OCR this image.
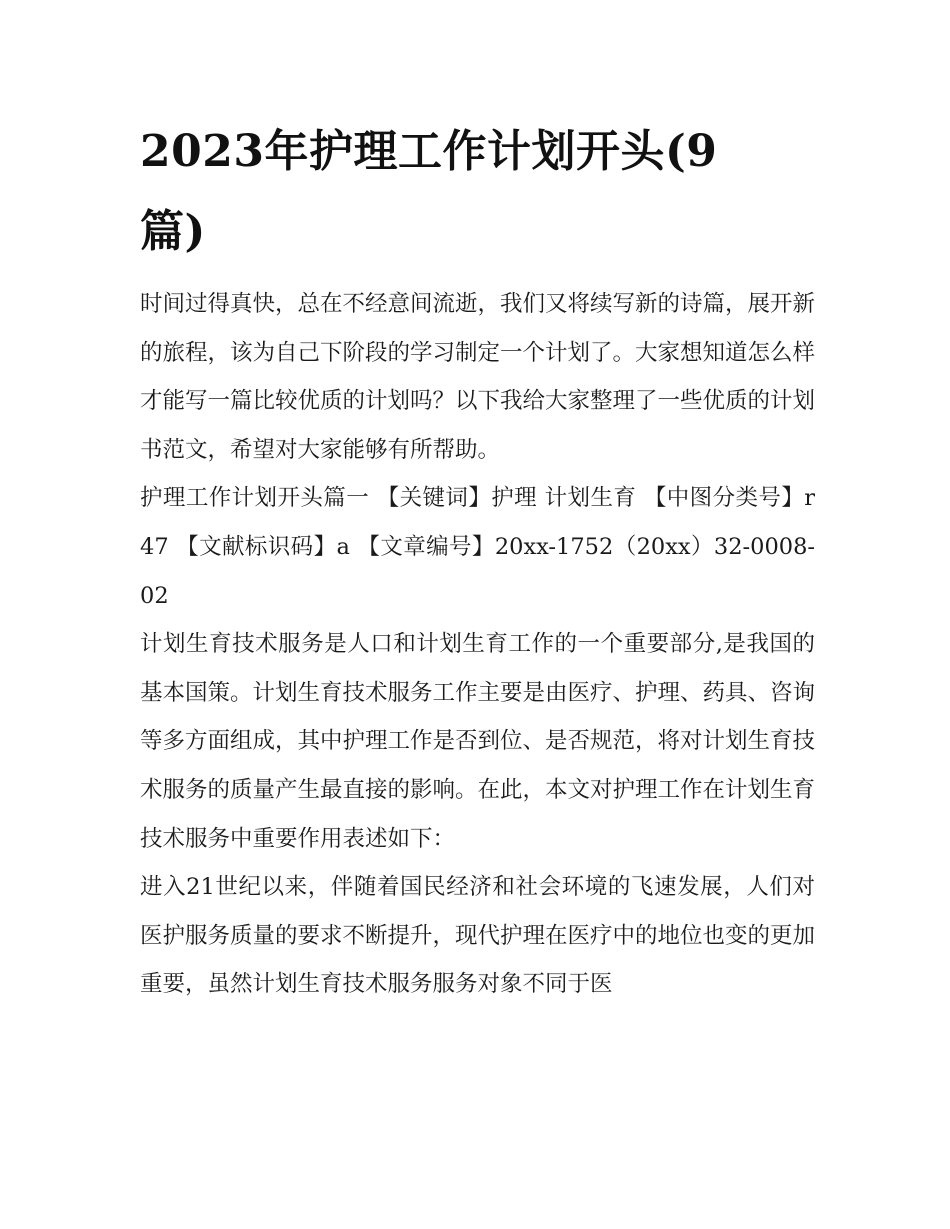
2023年护理工作计划开头(9篇)

时间过得真快，总在不经意间流逝，我们又将续写新的诗篇，展开新的旅程，该为自己下阶段的学习制定一个计划了。大家想知道怎么样才能写一篇比较优质的计划吗？以下我给大家整理了一些优质的计划书范文，希望对大家能够有所帮助。

护理工作计划开头篇一 【关键词】护理 计划生育 【中图分类号】r47 【文献标识码】a 【文章编号】20xx-1752（20xx）32-0008-02

计划生育技术服务是人口和计划生育工作的一个重要部分,是我国的基本国策。计划生育技术服务工作主要是由医疗、护理、药具、咨询等多方面组成，其中护理工作是否到位、是否规范，将对计划生育技术服务的质量产生最直接的影响。在此，本文对护理工作在计划生育技术服务中重要作用表述如下：

进入21世纪以来，伴随着国民经济和社会环境的飞速发展，人们对医护服务质量的要求不断提升，现代护理在医疗中的地位也变的更加重要，虽然计划生育技术服务服务对象不同于医
